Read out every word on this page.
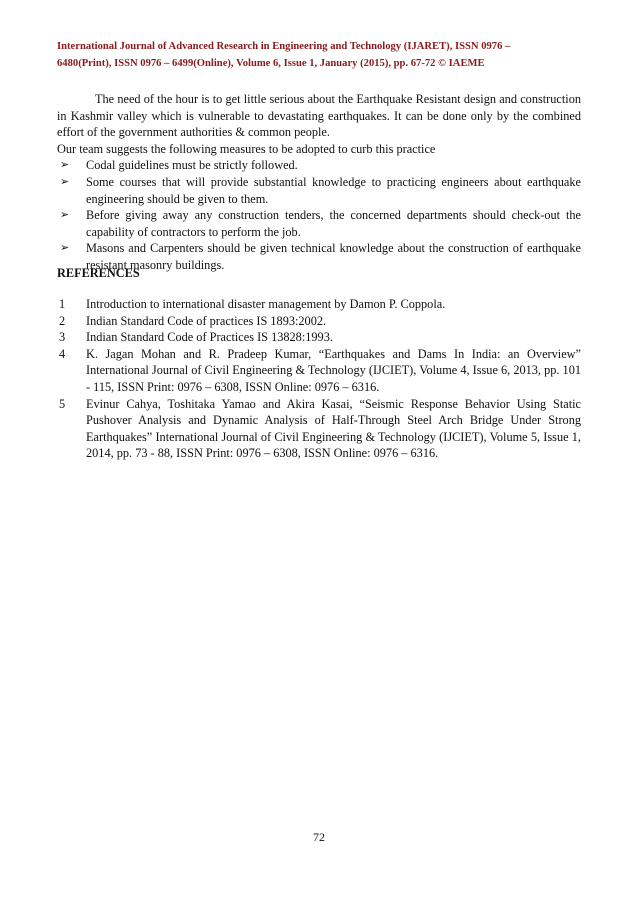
International Journal of Advanced Research in Engineering and Technology (IJARET), ISSN 0976 –
6480(Print), ISSN 0976 – 6499(Online), Volume 6, Issue 1, January (2015), pp. 67-72 © IAEME

The need of the hour is to get little serious about the Earthquake Resistant design and construction in Kashmir valley which is vulnerable to devastating earthquakes. It can be done only by the combined effort of the government authorities & common people.

Our team suggests the following measures to be adopted to curb this practice

➢ Codal guidelines must be strictly followed.
➢ Some courses that will provide substantial knowledge to practicing engineers about earthquake engineering should be given to them.
➢ Before giving away any construction tenders, the concerned departments should check-out the capability of contractors to perform the job.
➢ Masons and Carpenters should be given technical knowledge about the construction of earthquake resistant masonry buildings.
REFERENCES
1 Introduction to international disaster management by Damon P. Coppola.
2 Indian Standard Code of practices IS 1893:2002.
3 Indian Standard Code of Practices IS 13828:1993.
4 K. Jagan Mohan and R. Pradeep Kumar, “Earthquakes and Dams In India: an Overview” International Journal of Civil Engineering & Technology (IJCIET), Volume 4, Issue 6, 2013, pp. 101 - 115, ISSN Print: 0976 – 6308, ISSN Online: 0976 – 6316.
5 Evinur Cahya, Toshitaka Yamao and Akira Kasai, “Seismic Response Behavior Using Static Pushover Analysis and Dynamic Analysis of Half-Through Steel Arch Bridge Under Strong Earthquakes” International Journal of Civil Engineering & Technology (IJCIET), Volume 5, Issue 1, 2014, pp. 73 - 88, ISSN Print: 0976 – 6308, ISSN Online: 0976 – 6316.
72
